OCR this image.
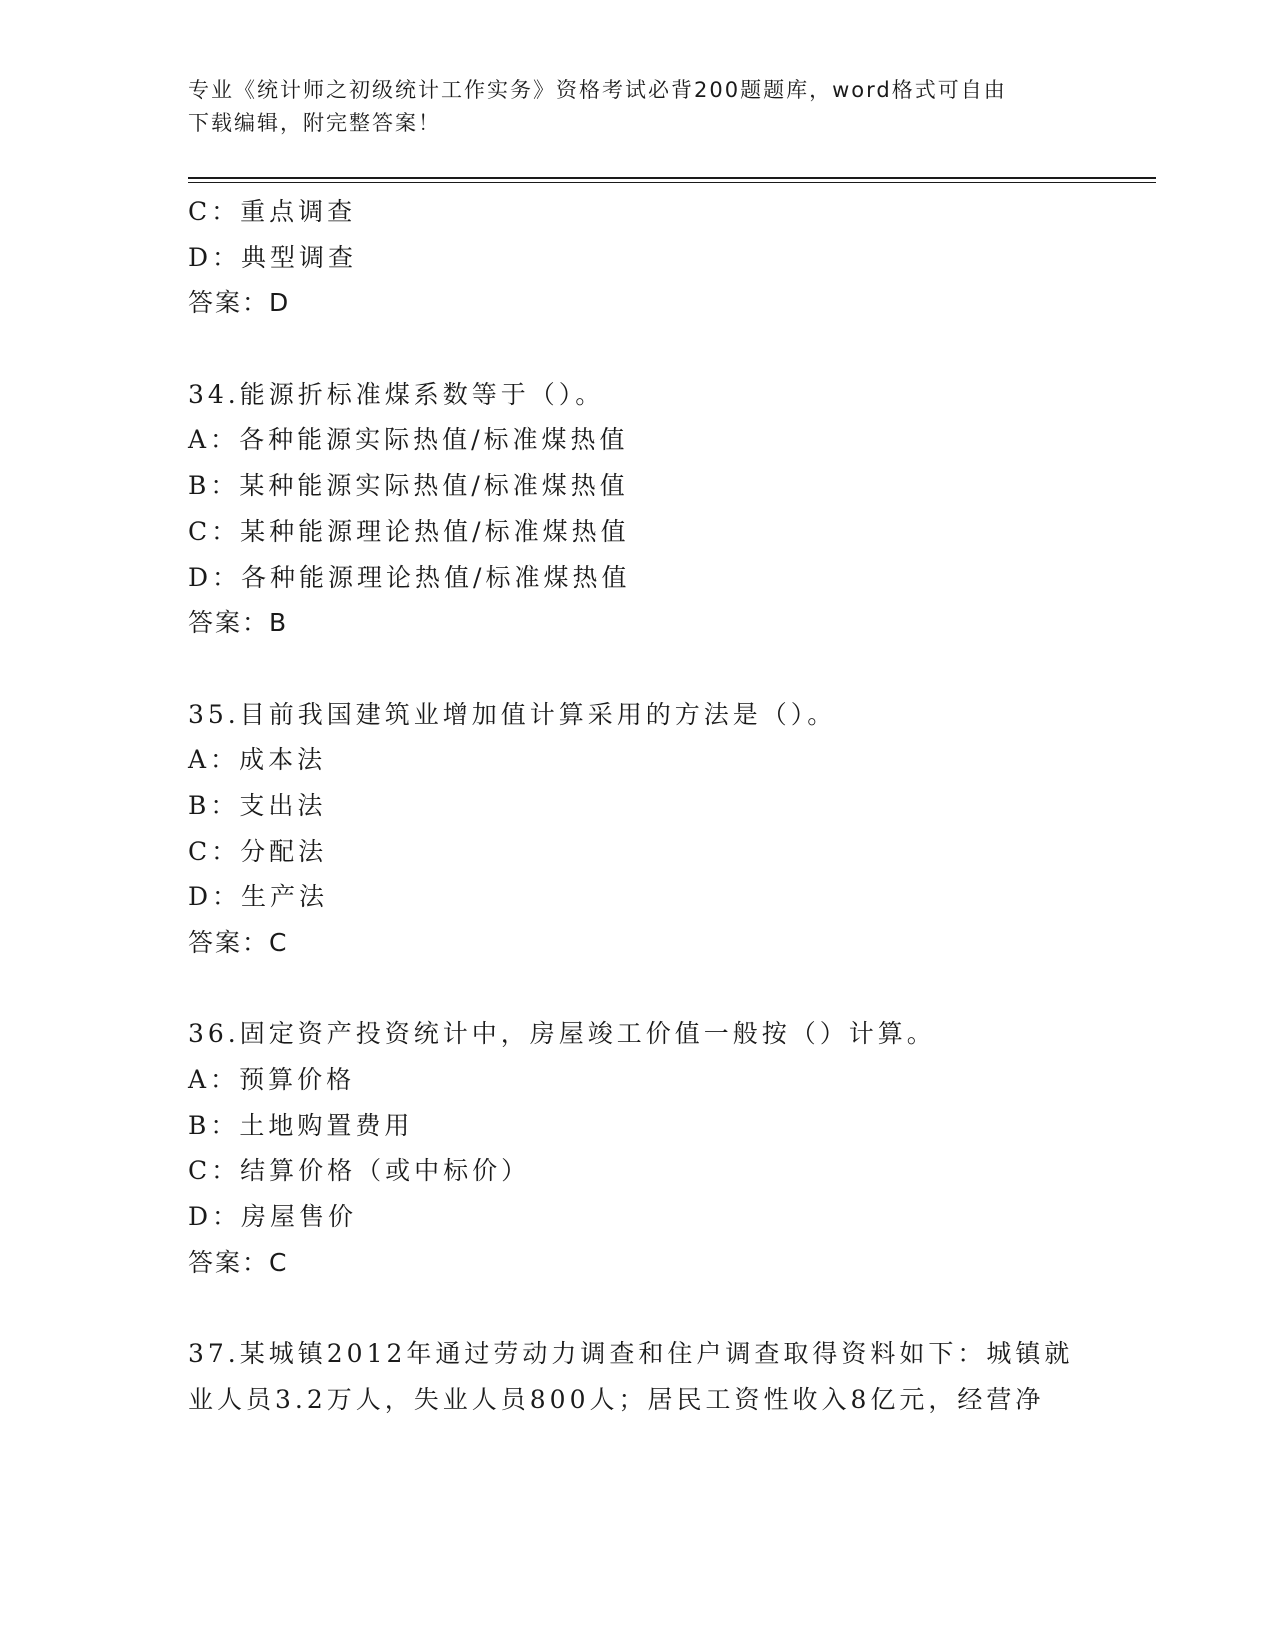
专业《统计师之初级统计工作实务》资格考试必背200题题库，word格式可自由
下载编辑，附完整答案！
C：重点调查
D：典型调查
答案：D
34.能源折标准煤系数等于（）。
A：各种能源实际热值/标准煤热值
B：某种能源实际热值/标准煤热值
C：某种能源理论热值/标准煤热值
D：各种能源理论热值/标准煤热值
答案：B
35.目前我国建筑业增加值计算采用的方法是（）。
A：成本法
B：支出法
C：分配法
D：生产法
答案：C
36.固定资产投资统计中，房屋竣工价值一般按（）计算。
A：预算价格
B：土地购置费用
C：结算价格（或中标价）
D：房屋售价
答案：C
37.某城镇2012年通过劳动力调查和住户调查取得资料如下：城镇就
业人员3.2万人，失业人员800人；居民工资性收入8亿元，经营净
